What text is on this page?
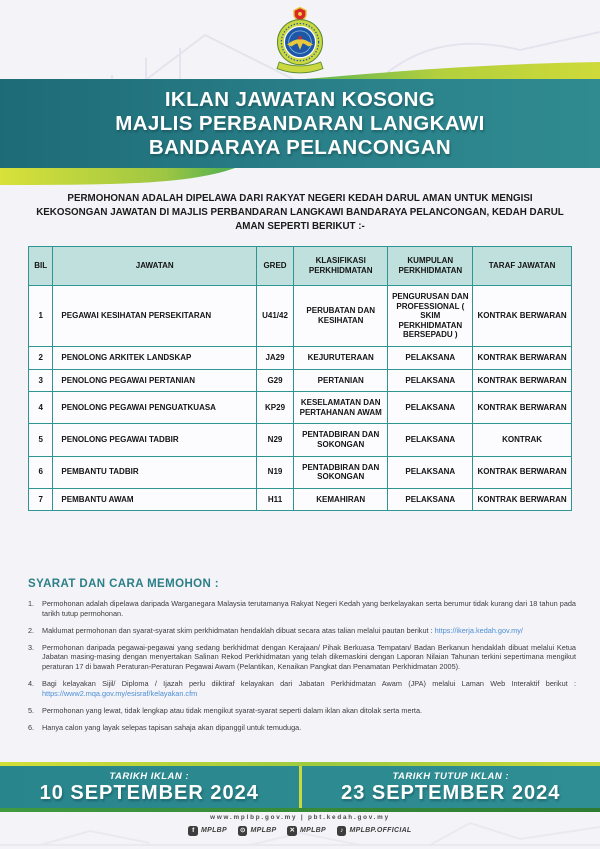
IKLAN JAWATAN KOSONG
MAJLIS PERBANDARAN LANGKAWI
BANDARAYA PELANCONGAN

PERMOHONAN ADALAH DIPELAWA DARI RAKYAT NEGERI KEDAH DARUL AMAN UNTUK MENGISI KEKOSONGAN JAWATAN DI MAJLIS PERBANDARAN LANGKAWI BANDARAYA PELANCONGAN, KEDAH DARUL AMAN SEPERTI BERIKUT :-

BIL	JAWATAN	GRED	KLASIFIKASI PERKHIDMATAN	KUMPULAN PERKHIDMATAN	TARAF JAWATAN
1	PEGAWAI KESIHATAN PERSEKITARAN	U41/42	PERUBATAN DAN KESIHATAN	PENGURUSAN DAN PROFESSIONAL ( SKIM PERKHIDMATAN BERSEPADU )	KONTRAK BERWARAN
2	PENOLONG ARKITEK LANDSKAP	JA29	KEJURUTERAAN	PELAKSANA	KONTRAK BERWARAN
3	PENOLONG PEGAWAI PERTANIAN	G29	PERTANIAN	PELAKSANA	KONTRAK BERWARAN
4	PENOLONG PEGAWAI PENGUATKUASA	KP29	KESELAMATAN DAN PERTAHANAN AWAM	PELAKSANA	KONTRAK BERWARAN
5	PENOLONG PEGAWAI TADBIR	N29	PENTADBIRAN DAN SOKONGAN	PELAKSANA	KONTRAK
6	PEMBANTU TADBIR	N19	PENTADBIRAN DAN SOKONGAN	PELAKSANA	KONTRAK BERWARAN
7	PEMBANTU AWAM	H11	KEMAHIRAN	PELAKSANA	KONTRAK BERWARAN
SYARAT DAN CARA MEMOHON :
1.	Permohonan adalah dipelawa daripada Warganegara Malaysia terutamanya Rakyat Negeri Kedah yang berkelayakan serta berumur tidak kurang dari 18 tahun pada tarikh tutup permohonan.
2.	Maklumat permohonan dan syarat-syarat skim perkhidmatan hendaklah dibuat secara atas talian melalui pautan berikut : https://ikerja.kedah.gov.my/
3.	Permohonan daripada pegawai-pegawai yang sedang berkhidmat dengan Kerajaan/ Pihak Berkuasa Tempatan/ Badan Berkanun hendaklah dibuat melalui Ketua Jabatan masing-masing dengan menyertakan Salinan Rekod Perkhidmatan yang telah dikemaskini dengan Laporan Nilaian Tahunan terkini sepertimana mengikut peraturan 17 di bawah Peraturan-Peraturan Pegawai Awam (Pelantikan, Kenaikan Pangkat dan Penamatan Perkhidmatan 2005).
4.	Bagi kelayakan Sijil/ Diploma / Ijazah perlu diiktiraf kelayakan dari Jabatan Perkhidmatan Awam (JPA) melalui Laman Web Interaktif berikut : https://www2.mqa.gov.my/esisraf/kelayakan.cfm
5.	Permohonan yang lewat, tidak lengkap atau tidak mengikut syarat-syarat seperti dalam iklan akan ditolak serta merta.
6.	Hanya calon yang layak selepas tapisan sahaja akan dipanggil untuk temuduga.
TARIKH IKLAN :
10 SEPTEMBER 2024
TARIKH TUTUP IKLAN :
23 SEPTEMBER 2024
www.mplbp.gov.my | pbt.kedah.gov.my
f MPLBP	⊙ MPLBP	✕ MPLBP	♪ MPLBP.OFFICIAL
